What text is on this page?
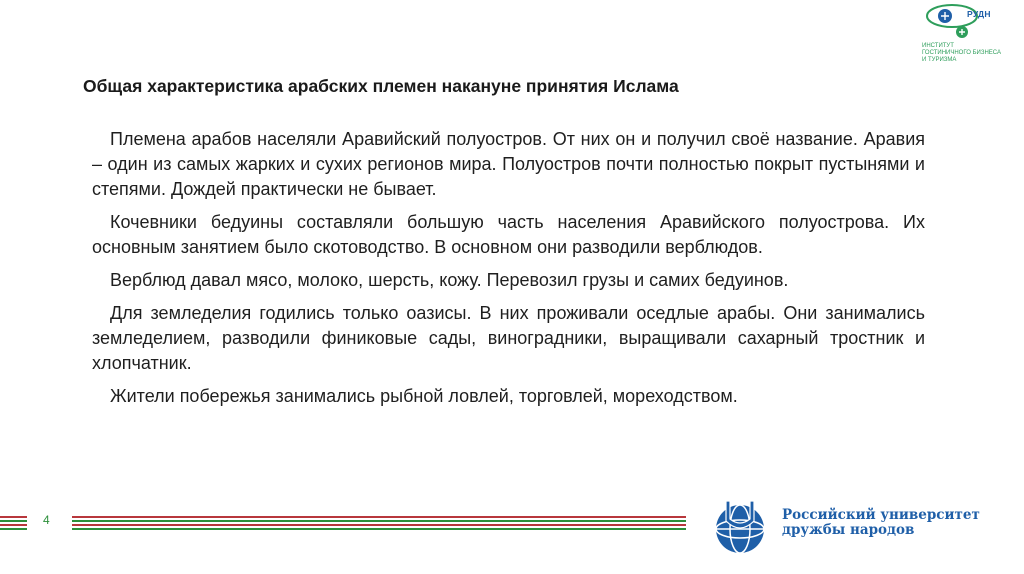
РУДН
ИНСТИТУТ
ГОСТИНИЧНОГО БИЗНЕСА
И ТУРИЗМА
Общая характеристика арабских племен накануне принятия Ислама

Племена арабов населяли Аравийский полуостров. От них он и получил своё название. Аравия – один из самых жарких и сухих регионов мира. Полуостров почти полностью покрыт пустынями и степями. Дождей практически не бывает.

Кочевники бедуины составляли большую часть населения Аравийского полуострова. Их основным занятием было скотоводство. В основном они разводили верблюдов.

Верблюд давал мясо, молоко, шерсть, кожу. Перевозил грузы и самих бедуинов.

Для земледелия годились только оазисы. В них проживали оседлые арабы. Они занимались земледелием, разводили финиковые сады, виноградники, выращивали сахарный тростник и хлопчатник.

Жители побережья занимались рыбной ловлей, торговлей, мореходством.

4	Российский университет
дружбы народов
